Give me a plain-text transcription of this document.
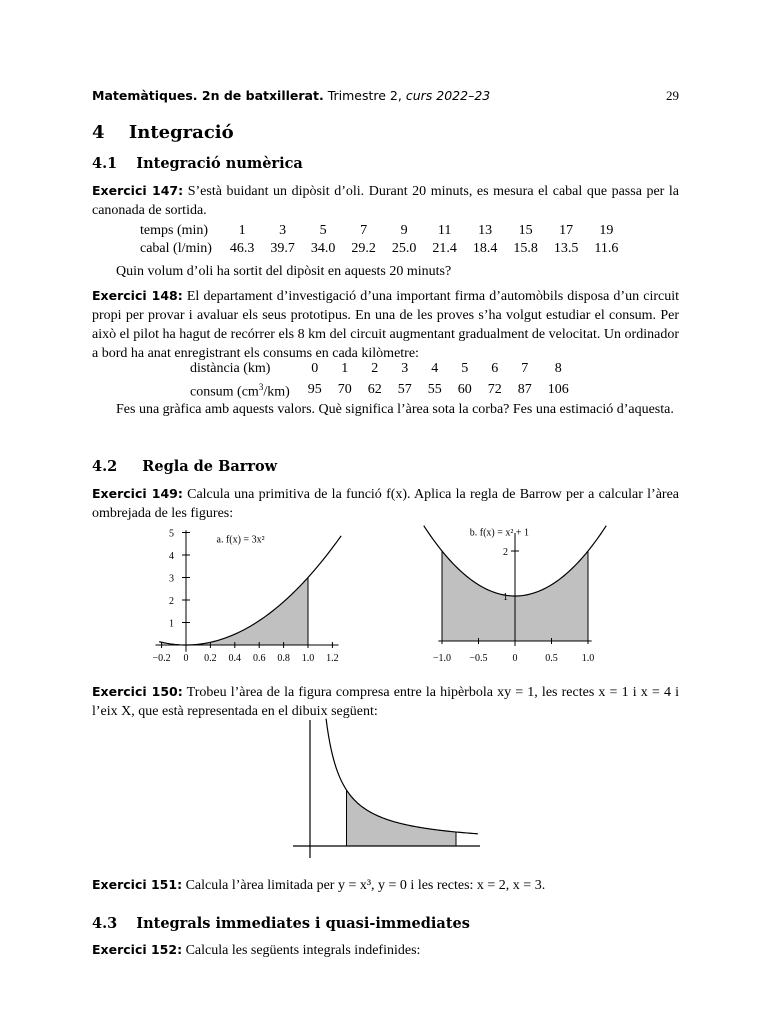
Matemàtiques. 2n de batxillerat. Trimestre 2, curs 2022–23	29
4 Integració
4.1 Integració numèrica
Exercici 147: S’està buidant un dipòsit d’oli. Durant 20 minuts, es mesura el cabal que passa per la canonada de sortida.
temps (min)	1	3	5	7	9	11	13	15	17	19
cabal (l/min)	46.3	39.7	34.0	29.2	25.0	21.4	18.4	15.8	13.5	11.6
Quin volum d’oli ha sortit del dipòsit en aquests 20 minuts?
Exercici 148: El departament d’investigació d’una important firma d’automòbils disposa d’un circuit propi per provar i avaluar els seus prototipus. En una de les proves s’ha volgut estudiar el consum. Per això el pilot ha hagut de recórrer els 8 km del circuit augmentant gradualment de velocitat. Un ordinador a bord ha anat enregistrant els consums en cada kilòmetre:
distància (km)	0	1	2	3	4	5	6	7	8
consum $(cm^3/km)$	95	70	62	57	55	60	72	87	106
Fes una gràfica amb aquests valors. Què significa l’àrea sota la corba? Fes una estimació d’aquesta.
4.2 Regla de Barrow
Exercici 149: Calcula una primitiva de la funció f(x). Aplica la regla de Barrow per a calcular l’àrea ombrejada de les figures:
a. f(x) = 3x²
−0.2 0 0.2 0.4 0.6 0.8 1.0 1.2
1
2
3
4
5	b. f(x) = x² + 1
−1.0 −0.5 0	0.5 1.0
1
2
Exercici 150: Trobeu l’àrea de la figura compresa entre la hipèrbola xy = 1, les rectes x = 1 i x = 4 i l’eix X, que està representada en el dibuix següent:
Exercici 151: Calcula l’àrea limitada per y = x³, y = 0 i les rectes: x = 2, x = 3.
4.3 Integrals immediates i quasi-immediates
Exercici 152: Calcula les següents integrals indefinides:
